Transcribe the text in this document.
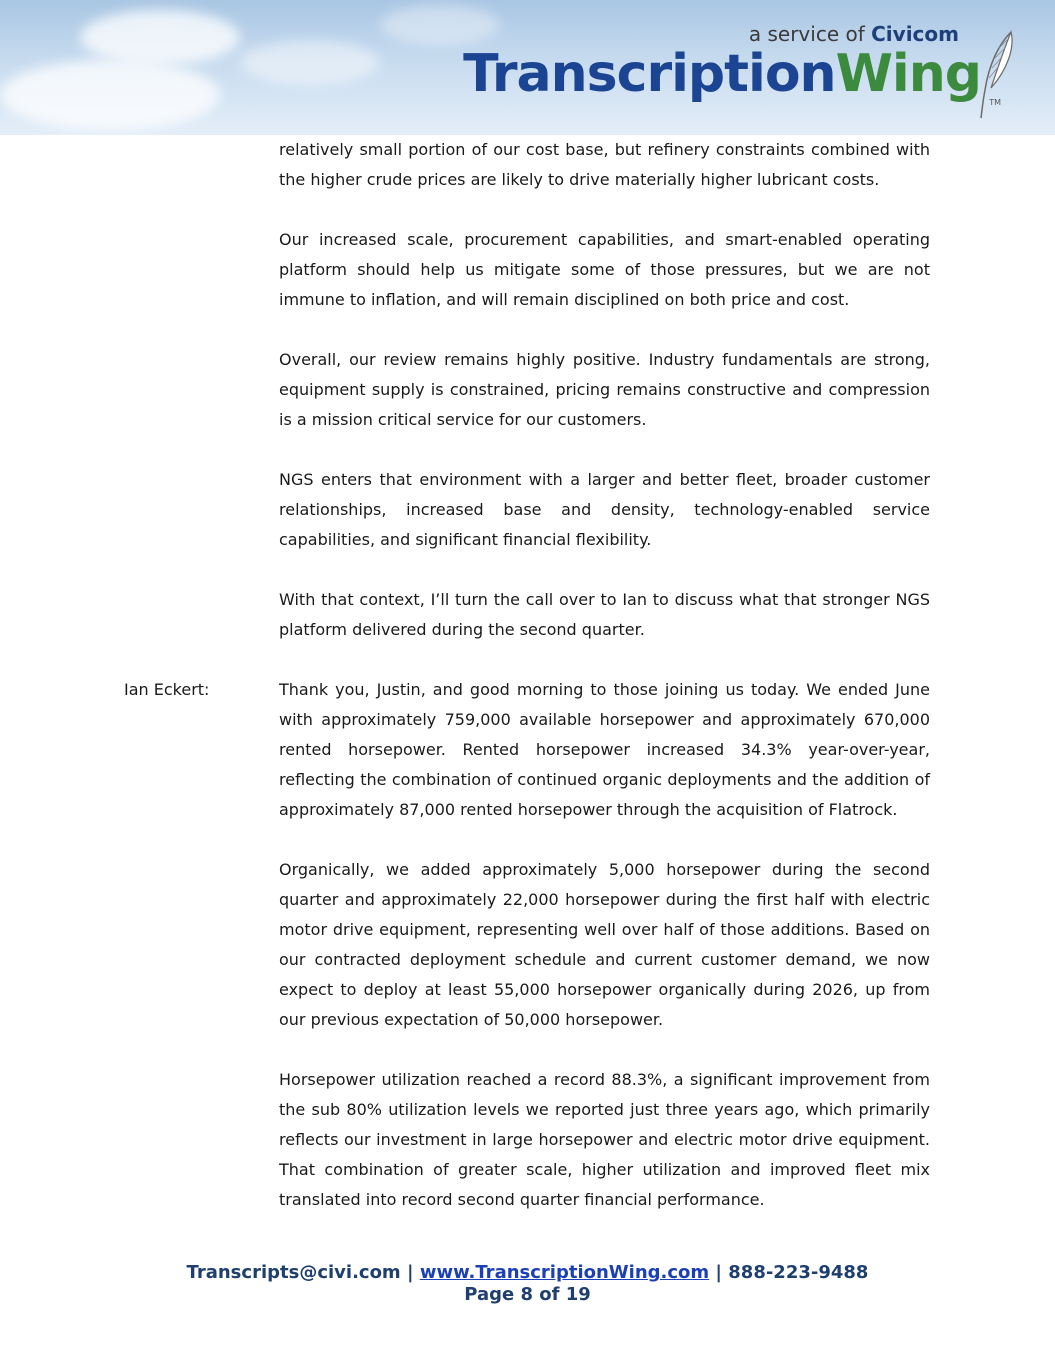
a service of Civicom
TranscriptionWing TM

relatively small portion of our cost base, but refinery constraints combined with the higher crude prices are likely to drive materially higher lubricant costs.

Our increased scale, procurement capabilities, and smart-enabled operating platform should help us mitigate some of those pressures, but we are not immune to inflation, and will remain disciplined on both price and cost.

Overall, our review remains highly positive. Industry fundamentals are strong, equipment supply is constrained, pricing remains constructive and compression is a mission critical service for our customers.

NGS enters that environment with a larger and better fleet, broader customer relationships, increased base and density, technology-enabled service capabilities, and significant financial flexibility.

With that context, I’ll turn the call over to Ian to discuss what that stronger NGS platform delivered during the second quarter.

Ian Eckert:	Thank you, Justin, and good morning to those joining us today. We ended June with approximately 759,000 available horsepower and approximately 670,000 rented horsepower. Rented horsepower increased 34.3% year-over-year, reflecting the combination of continued organic deployments and the addition of approximately 87,000 rented horsepower through the acquisition of Flatrock.

Organically, we added approximately 5,000 horsepower during the second quarter and approximately 22,000 horsepower during the first half with electric motor drive equipment, representing well over half of those additions. Based on our contracted deployment schedule and current customer demand, we now expect to deploy at least 55,000 horsepower organically during 2026, up from our previous expectation of 50,000 horsepower.

Horsepower utilization reached a record 88.3%, a significant improvement from the sub 80% utilization levels we reported just three years ago, which primarily reflects our investment in large horsepower and electric motor drive equipment. That combination of greater scale, higher utilization and improved fleet mix translated into record second quarter financial performance.

Transcripts@civi.com | www.TranscriptionWing.com | 888-223-9488
Page 8 of 19
